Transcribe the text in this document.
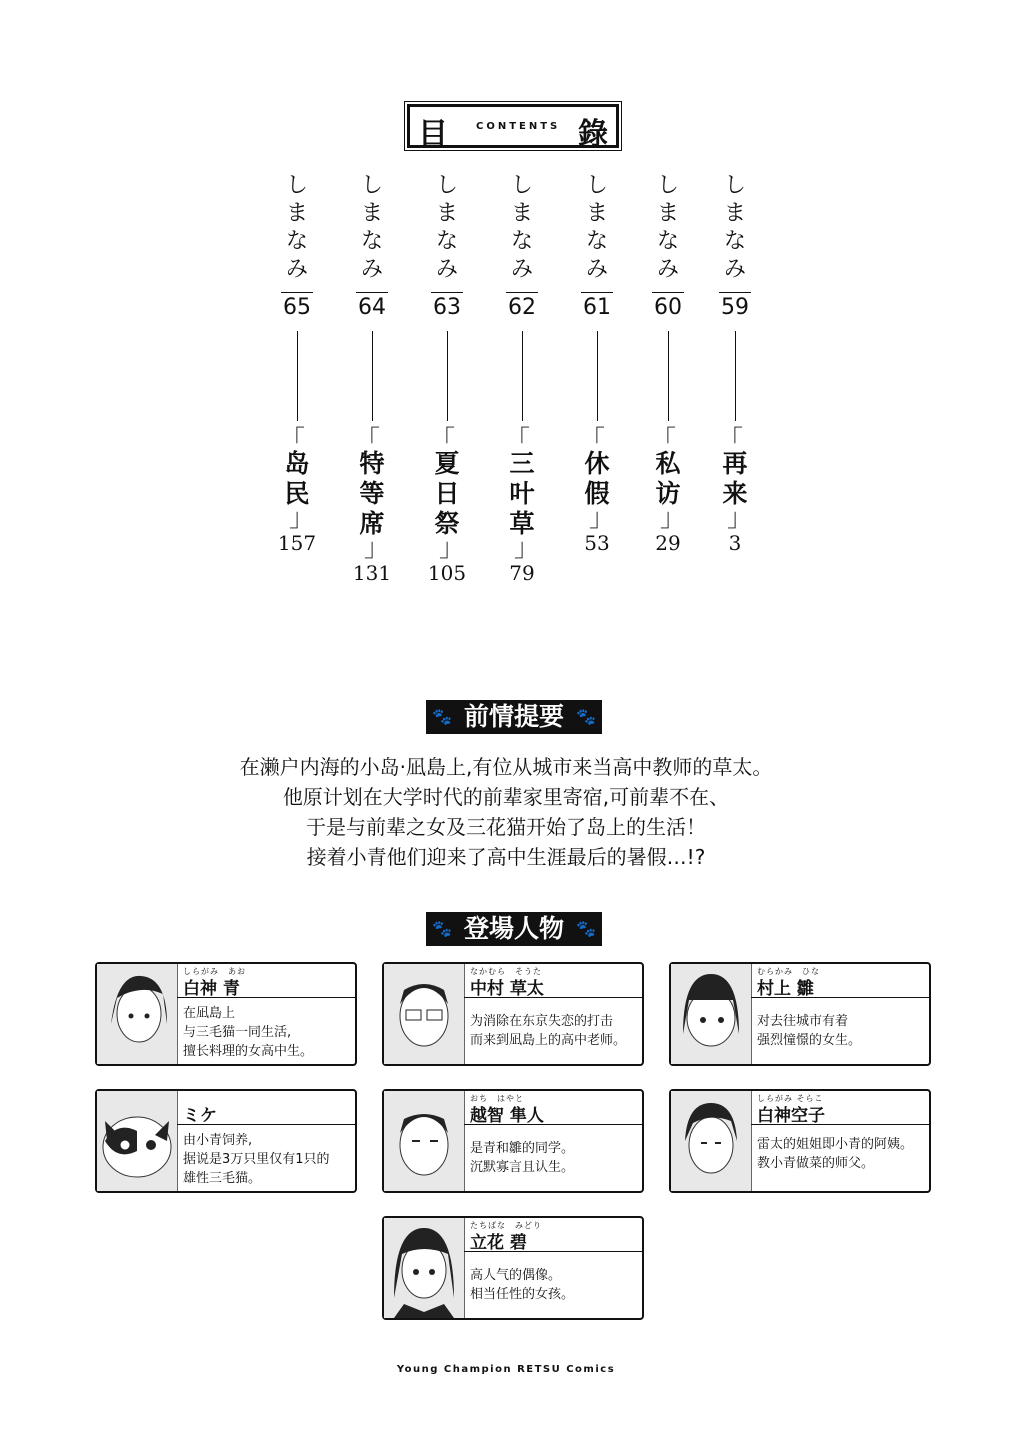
目	CONTENTS 錄
しまなみ
65
「 岛民 」
157
しまなみ
64
「 特等席 」
131
しまなみ
63
「 夏日祭 」
105
しまなみ
62
「 三叶草 」
79
しまなみ
61
「 休假 」
53
しまなみ
60
「 私访 」
29
しまなみ
59
「 再来 」
3
🐾 前情提要 🐾
在濑户内海的小岛·凪島上,有位从城市来当高中教师的草太。
他原计划在大学时代的前辈家里寄宿,可前辈不在、
于是与前辈之女及三花猫开始了岛上的生活！
接着小青他们迎来了高中生涯最后的暑假…!?
🐾 登場人物 🐾
しらがみ　あお
白神 青
在凪島上
与三毛猫一同生活,
擅长料理的女高中生。
なかむら　そうた
中村 草太
为消除在东京失恋的打击
而来到凪島上的高中老师。
むらかみ　ひな
村上 雛
对去往城市有着
强烈憧憬的女生。
ミケ
由小青饲养,
据说是3万只里仅有1只的
雄性三毛猫。
おち　はやと
越智 隼人
是青和雛的同学。
沉默寡言且认生。
しらがみ そらこ
白神空子
雷太的姐姐即小青的阿姨。
教小青做菜的师父。
たちばな　みどり
立花 碧
高人气的偶像。
相当任性的女孩。
Young Champion RETSU Comics
